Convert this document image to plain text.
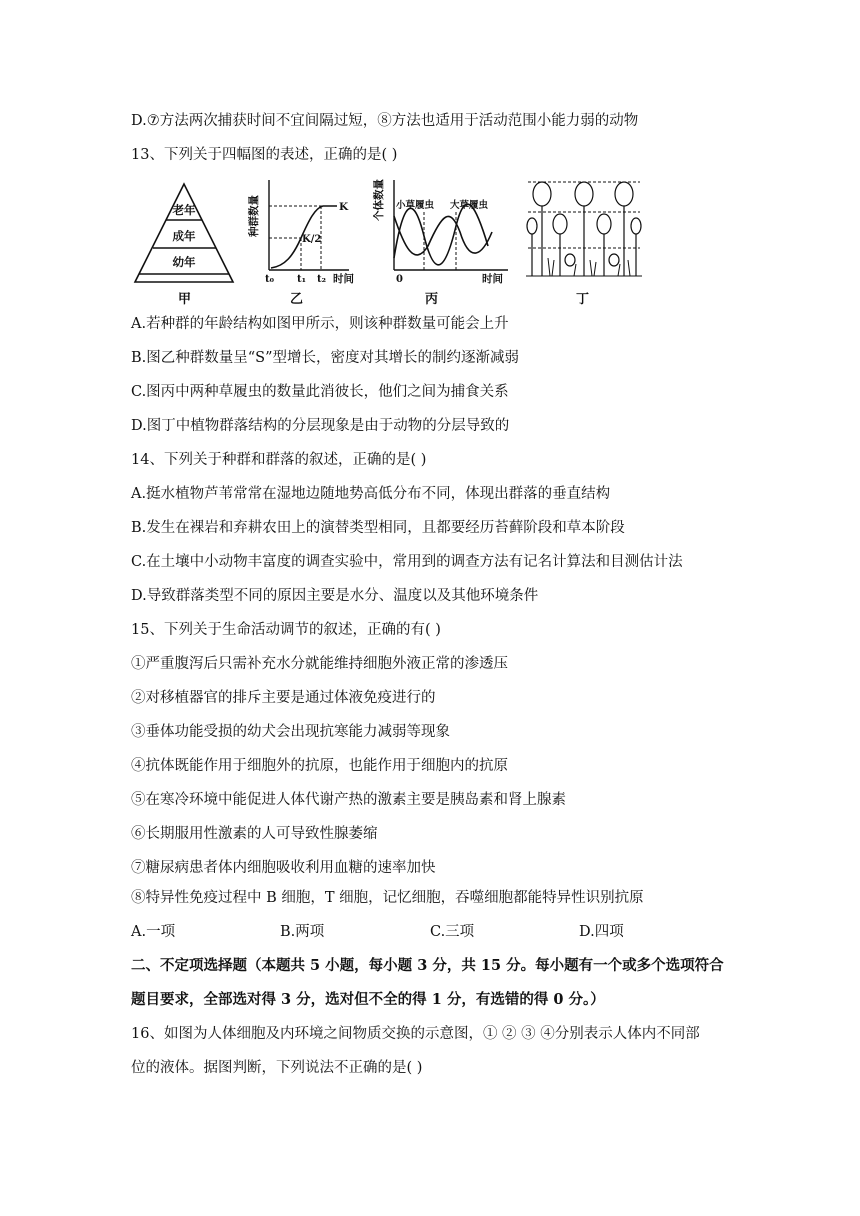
D.⑦方法两次捕获时间不宜间隔过短，⑧方法也适用于活动范围小能力弱的动物
13、下列关于四幅图的表述，正确的是( )
老年
成年
幼年
甲
种群数量	K
K/2
t₀ t₁ t₂ 时间
乙
个体数量 小草履虫 大草履虫
0	时间
丙	丁
A.若种群的年龄结构如图甲所示，则该种群数量可能会上升
B.图乙种群数量呈“S”型增长，密度对其增长的制约逐渐减弱
C.图丙中两种草履虫的数量此消彼长，他们之间为捕食关系
D.图丁中植物群落结构的分层现象是由于动物的分层导致的
14、下列关于种群和群落的叙述，正确的是( )
A.挺水植物芦苇常常在湿地边随地势高低分布不同，体现出群落的垂直结构
B.发生在裸岩和弃耕农田上的演替类型相同，且都要经历苔藓阶段和草本阶段
C.在土壤中小动物丰富度的调查实验中，常用到的调查方法有记名计算法和目测估计法
D.导致群落类型不同的原因主要是水分、温度以及其他环境条件
15、下列关于生命活动调节的叙述，正确的有( )
①严重腹泻后只需补充水分就能维持细胞外液正常的渗透压
②对移植器官的排斥主要是通过体液免疫进行的
③垂体功能受损的幼犬会出现抗寒能力减弱等现象
④抗体既能作用于细胞外的抗原，也能作用于细胞内的抗原
⑤在寒冷环境中能促进人体代谢产热的激素主要是胰岛素和肾上腺素
⑥长期服用性激素的人可导致性腺萎缩
⑦糖尿病患者体内细胞吸收利用血糖的速率加快
⑧特异性免疫过程中 B 细胞，T 细胞，记忆细胞，吞噬细胞都能特异性识别抗原
A.一项	B.两项	C.三项	D.四项
二、不定项选择题（本题共 5 小题，每小题 3 分，共 15 分。每小题有一个或多个选项符合
题目要求，全部选对得 3 分，选对但不全的得 1 分，有选错的得 0 分。）
16、如图为人体细胞及内环境之间物质交换的示意图，① ② ③ ④分别表示人体内不同部
位的液体。据图判断，下列说法不正确的是( )
